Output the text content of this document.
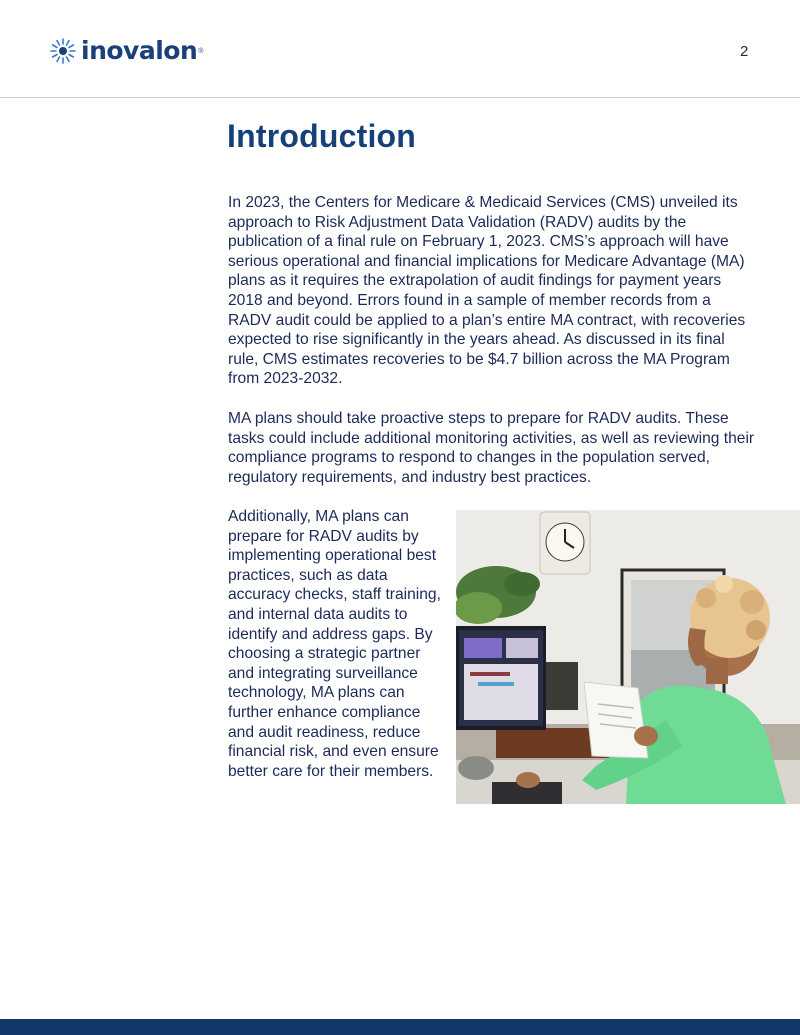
inovalon ®	2
Introduction

In 2023, the Centers for Medicare & Medicaid Services (CMS) unveiled its approach to Risk Adjustment Data Validation (RADV) audits by the publication of a final rule on February 1, 2023. CMS’s approach will have serious operational and financial implications for Medicare Advantage (MA) plans as it requires the extrapolation of audit findings for payment years 2018 and beyond. Errors found in a sample of member records from a RADV audit could be applied to a plan’s entire MA contract, with recoveries expected to rise significantly in the years ahead. As discussed in its final rule, CMS estimates recoveries to be $4.7 billion across the MA Program from 2023-2032.

MA plans should take proactive steps to prepare for RADV audits. These tasks could include additional monitoring activities, as well as reviewing their compliance programs to respond to changes in the population served, regulatory requirements, and industry best practices.

Additionally, MA plans can prepare for RADV audits by implementing operational best practices, such as data accuracy checks, staff training, and internal data audits to identify and address gaps. By choosing a strategic partner and integrating surveillance technology, MA plans can further enhance compliance and audit readiness, reduce financial risk, and even ensure better care for their members.
